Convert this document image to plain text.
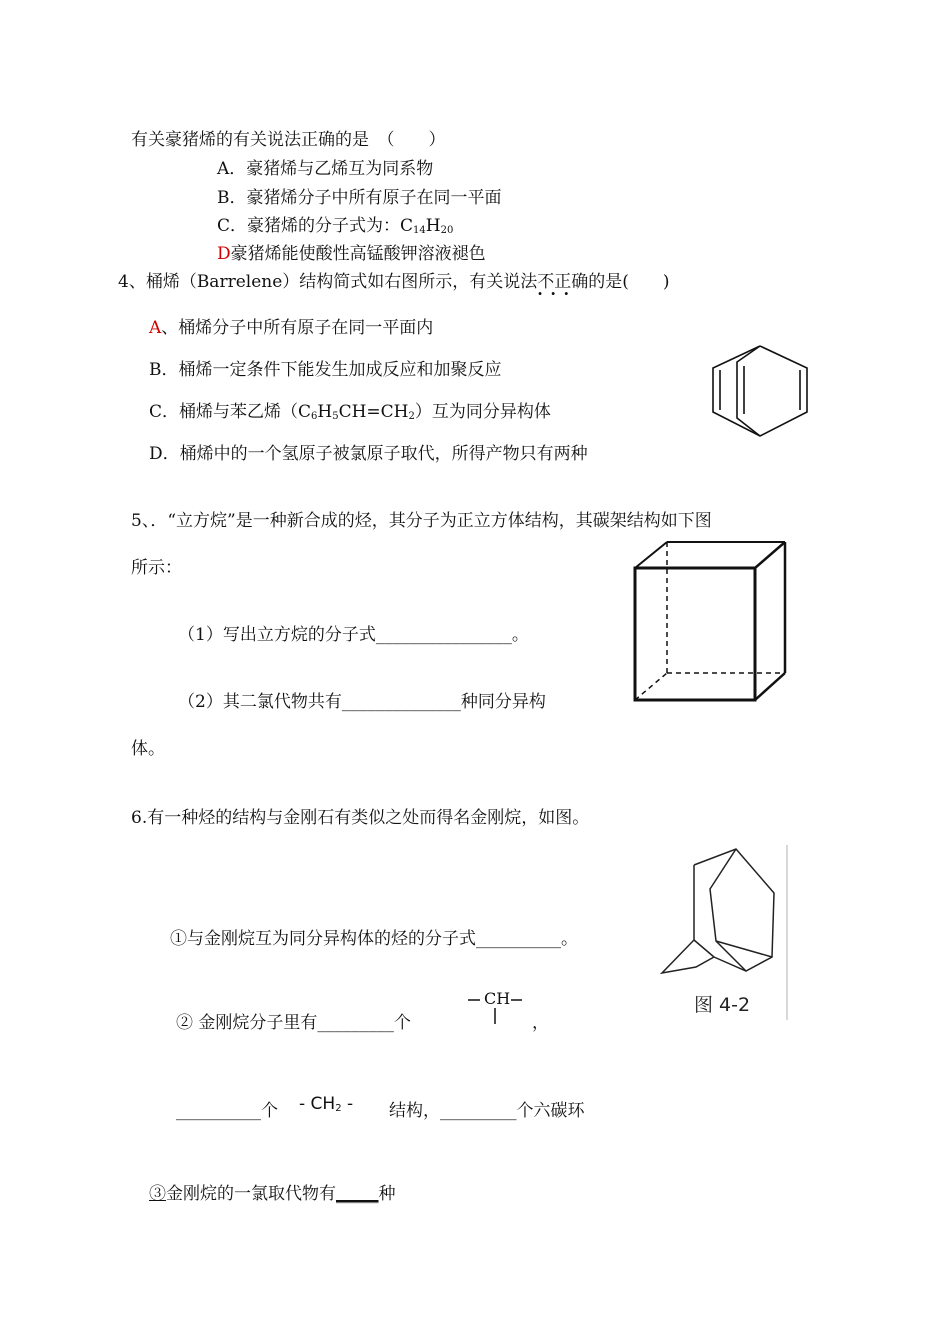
有关豪猪烯的有关说法正确的是　（　　）
A．豪猪烯与乙烯互为同系物
B．豪猪烯分子中所有原子在同一平面
C．豪猪烯的分子式为：$C_{14}H_{20}$
D豪猪烯能使酸性高锰酸钾溶液褪色
4、桶烯（Barrelene）结构简式如右图所示，有关说法不正确 · · ·的是(　　)
A、桶烯分子中所有原子在同一平面内
B．桶烯一定条件下能发生加成反应和加聚反应
C．桶烯与苯乙烯$(C_6H_5CH=CH_2)$互为同分异构体
D．桶烯中的一个氢原子被氯原子取代，所得产物只有两种
5、．“立方烷”是一种新合成的烃，其分子为正立方体结构，其碳架结构如下图
所示：
（1）写出立方烷的分子式________________。
（2）其二氯代物共有______________种同分异构
体。
6.有一种烃的结构与金刚石有类似之处而得名金刚烷，如图。
①与金刚烷互为同分异构体的烃的分子式__________。
② 金刚烷分子里有_________个
CH
，
__________个 - $CH_2$ - 结构，_________个六碳环
③金刚烷的一氯取代物有_____种
图 4-2
